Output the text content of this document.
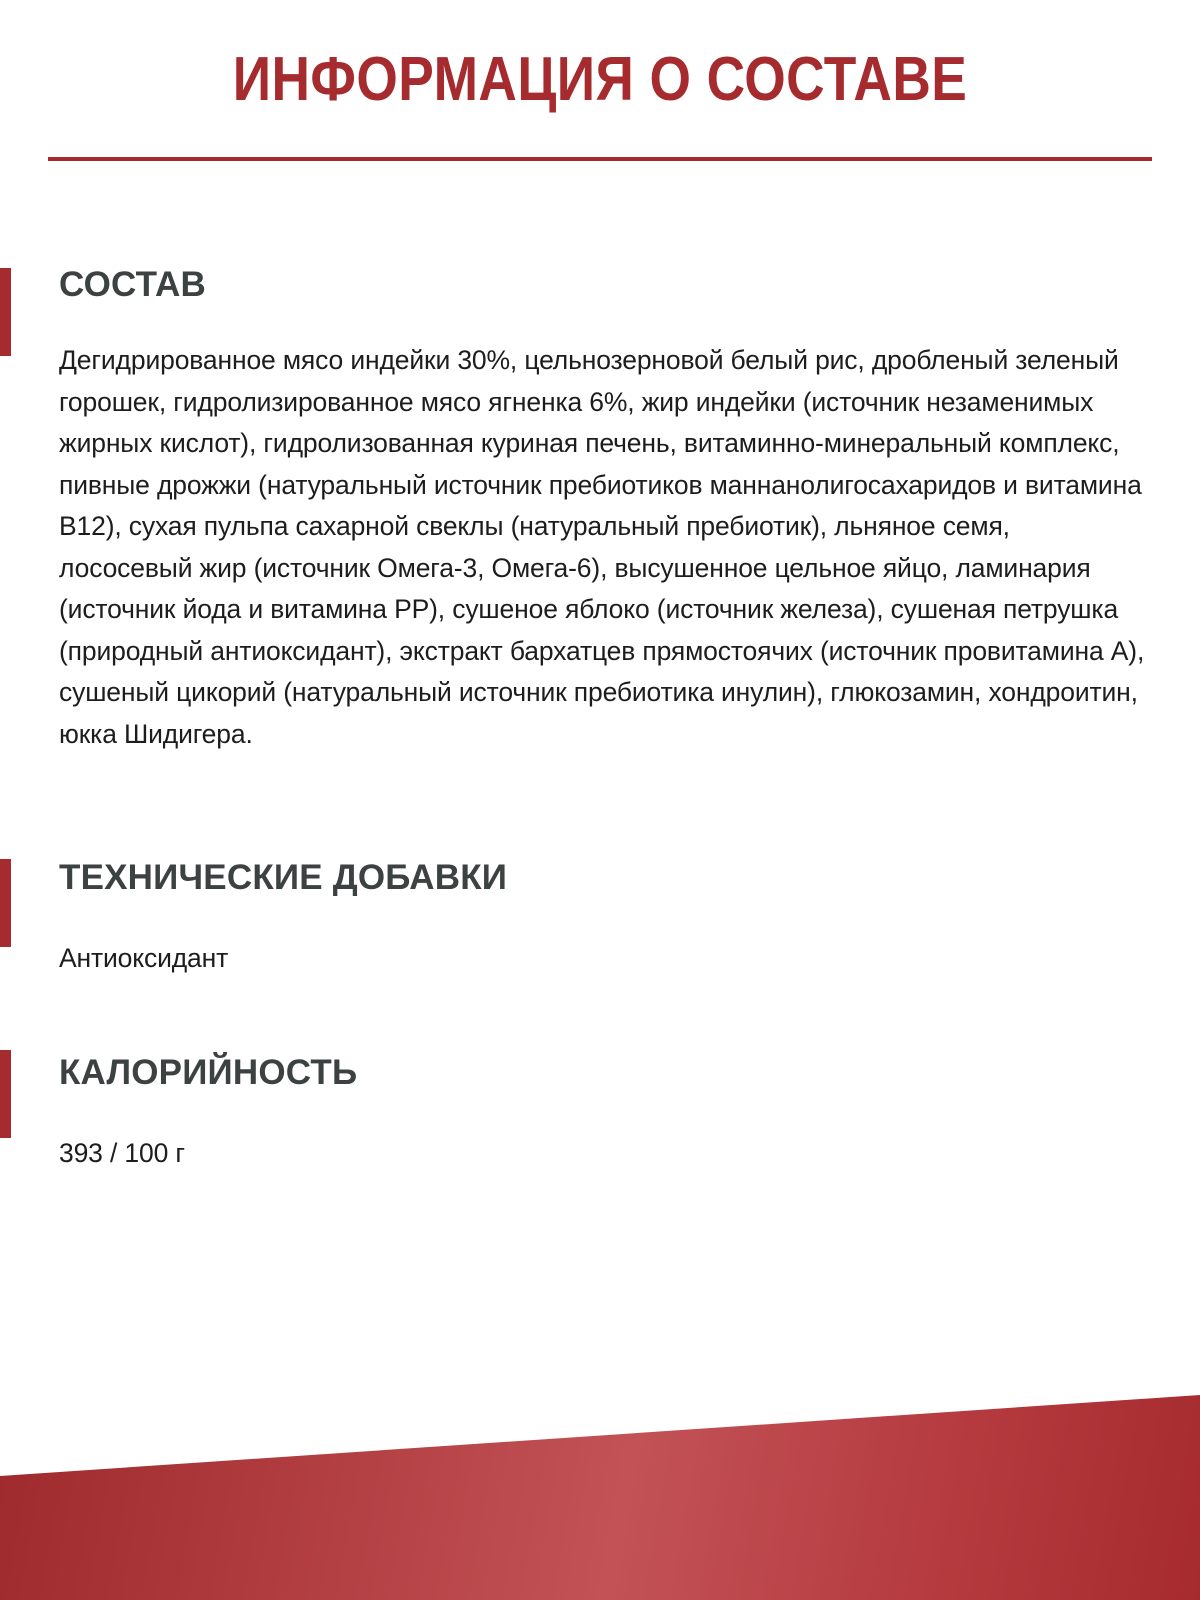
ИНФОРМАЦИЯ О СОСТАВЕ
СОСТАВ
Дегидрированное мясо индейки 30%, цельнозерновой белый рис, дробленый зеленый горошек, гидролизированное мясо ягненка 6%, жир индейки (источник незаменимых жирных кислот), гидролизованная куриная печень, витаминно-минеральный комплекс, пивные дрожжи (натуральный источник пребиотиков маннанолигосахаридов и витамина B12), сухая пульпа сахарной свеклы (натуральный пребиотик), льняное семя, лососевый жир (источник Омега-3, Омега-6), высушенное цельное яйцо, ламинария (источник йода и витамина PP), сушеное яблоко (источник железа), сушеная петрушка (природный антиоксидант), экстракт бархатцев прямостоячих (источник провитамина A), сушеный цикорий (натуральный источник пребиотика инулин), глюкозамин, хондроитин, юкка Шидигера.
ТЕХНИЧЕСКИЕ ДОБАВКИ
Антиоксидант
КАЛОРИЙНОСТЬ
393 / 100 г
